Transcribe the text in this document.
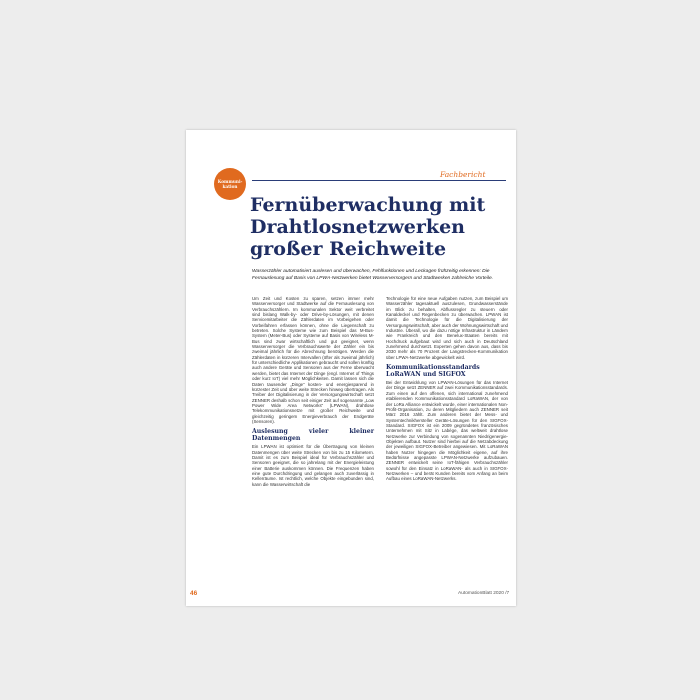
Kommuni-
kation
Fachbericht
Fernüberwachung mit Drahtlosnetzwerken großer Reichweite
Wasserzähler automatisiert auslesen und überwachen, Fehlfunktionen und Leckagen frühzeitig erkennen: Die Fernauslesung auf Basis von LPWA-Netzwerken bietet Wasserversorgern und Stadtwerken zahlreiche Vorteile.

Um Zeit und Kosten zu sparen, setzen immer mehr Wasserversorger und Stadtwerke auf die Fernauslesung von Verbrauchszählern. Im kommunalen Sektor weit verbreitet sind bislang Walk-by- oder Drive-by-Lösungen, mit denen Servicemitarbeiter die Zählerdaten im Vorbeigehen oder Vorbeifahren erfassen können, ohne die Liegenschaft zu betreten. Solche Systeme wie zum Beispiel das M-Bus-System (Meter-Bus) oder Systeme auf Basis von Wireless M-Bus sind zwar wirtschaftlich und gut geeignet, wenn Wasserversorger die Verbrauchswerte der Zähler ein bis zweimal jährlich für die Abrechnung benötigen. Werden die Zählerdaten in kürzeren Intervallen (öfter als zweimal jährlich) für unterschiedliche Applikationen gebraucht und sollen künftig auch andere Geräte und Sensoren aus der Ferne überwacht werden, bietet das Internet der Dinge (engl. Internet of Things oder kurz IoT) viel mehr Möglichkeiten. Damit lassen sich die Daten tausender „Dinge“ kosten- und energiesparend in kürzester Zeit und über weite Strecken hinweg übertragen. Als Treiber der Digitalisierung in der Versorgungswirtschaft setzt ZENNER deshalb schon seit einiger Zeit auf sogenannte „Low Power Wide Area Networks“ (LPWAN), drahtlose Telekommunikationsnetze mit großer Reichweite und gleichzeitig geringem Energieverbrauch der Endgeräte (Sensoren).

Auslesung vieler kleiner Datenmengen

Ein LPWAN ist optimiert für die Übertragung von kleinen Datenmengen über weite Strecken von bis zu 15 Kilometern. Damit ist es zum Beispiel ideal für Verbrauchszähler und Sensoren geeignet, die so jahrelang mit der Energieleistung einer Batterie auskommen können. Die Frequenzen haben eine gute Durchdringung und gelangen auch zuverlässig in Kellerräume. Ist rechtlich, welche Objekte eingebunden sind, kann die Wasserwirtschaft die

Technologie für eine neue Aufgaben nutzen, zum Beispiel um Wasserzähler tagesaktuell auszulesen, Grundwasserstände im Blick zu behalten, Abflussregler zu steuern oder Kanaldeckel und Regenbecken zu überwachen. LPWAN ist damit die Technologie für die Digitalisierung der Versorgungswirtschaft, aber auch der Wohnungswirtschaft und Industrie. Überall, wo die dazu nötige Infrastruktur in Ländern wie Frankreich und den Benelux-Staaten bereits mit Hochdruck aufgebaut wird und sich auch in Deutschland zunehmend durchsetzt. Experten gehen davon aus, dass bis 2030 mehr als 70 Prozent der Langstrecken-Kommunikation über LPWA-Netzwerke abgewickelt wird.

Kommunikationsstandards LoRaWAN und SIGFOX

Bei der Entwicklung von LPWAN-Lösungen für das Internet der Dinge setzt ZENNER auf zwei Kommunikationsstandards. Zum einen auf den offenen, sich international zunehmend etablierenden Kommunikationsstandard LoRaWAN, der von der LoRa Alliance entwickelt wurde, einer internationalen Non-Profit-Organisation, zu deren Mitgliedern auch ZENNER seit März 2016 zählt. Zum anderen bietet der Mess- und Systemtechnikhersteller Geräte-Lösungen für den SIGFOX-Standard. SIGFOX ist ein 2009 gegründetes französisches Unternehmen mit Sitz in Labège, das weltweit drahtlose Netzwerke zur Verbindung von sogenannten Niedrigenergie-Objekten aufbaut. Nutzer sind hierbei auf die Netzabdeckung der jeweiligen SIGFOX-Betreiber angewiesen. Mit LoRaWAN haben Nutzer hingegen die Möglichkeit eigene, auf ihre Bedürfnisse angepasste LPWAN-Netzwerke aufzubauen. ZENNER entwickelt seine IoT-fähigen Verbrauchszähler sowohl für den Einsatz in LoRaWAN- als auch in SIGFOX-Netzwerken – und berät Kunden bereits vom Anfang an beim Aufbau eines LoRaWAN-Netzwerks.

46	AutomationBlatt 2020 /7
